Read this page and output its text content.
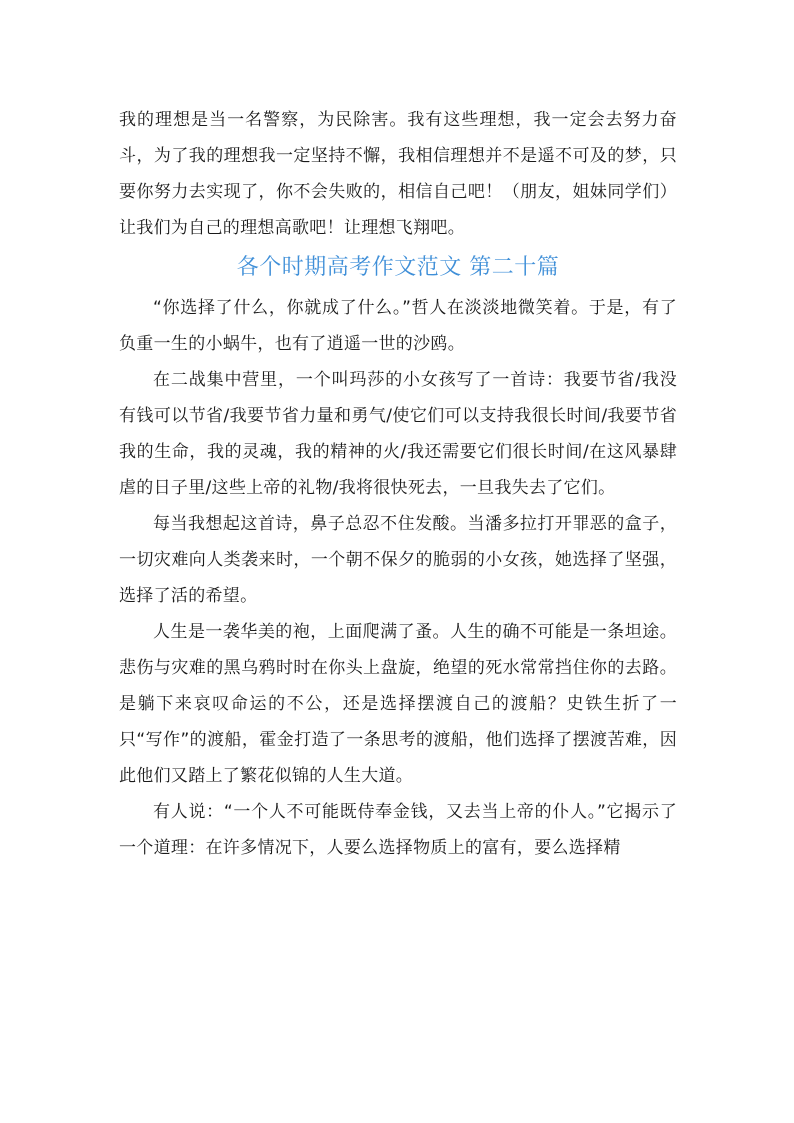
我的理想是当一名警察，为民除害。我有这些理想，我一定会去努力奋斗，为了我的理想我一定坚持不懈，我相信理想并不是遥不可及的梦，只要你努力去实现了，你不会失败的，相信自己吧！（朋友，姐妹同学们）让我们为自己的理想高歌吧！让理想飞翔吧。

各个时期高考作文范文 第二十篇

“你选择了什么，你就成了什么。”哲人在淡淡地微笑着。于是，有了负重一生的小蜗牛，也有了逍遥一世的沙鸥。

在二战集中营里，一个叫玛莎的小女孩写了一首诗：我要节省/我没有钱可以节省/我要节省力量和勇气/使它们可以支持我很长时间/我要节省我的生命，我的灵魂，我的精神的火/我还需要它们很长时间/在这风暴肆虐的日子里/这些上帝的礼物/我将很快死去，一旦我失去了它们。

每当我想起这首诗，鼻子总忍不住发酸。当潘多拉打开罪恶的盒子，一切灾难向人类袭来时，一个朝不保夕的脆弱的小女孩，她选择了坚强，选择了活的希望。

人生是一袭华美的袍，上面爬满了蚤。人生的确不可能是一条坦途。悲伤与灾难的黑乌鸦时时在你头上盘旋，绝望的死水常常挡住你的去路。是躺下来哀叹命运的不公，还是选择摆渡自己的渡船？史铁生折了一只“写作”的渡船，霍金打造了一条思考的渡船，他们选择了摆渡苦难，因此他们又踏上了繁花似锦的人生大道。

有人说：“一个人不可能既侍奉金钱，又去当上帝的仆人。”它揭示了一个道理：在许多情况下，人要么选择物质上的富有，要么选择精
